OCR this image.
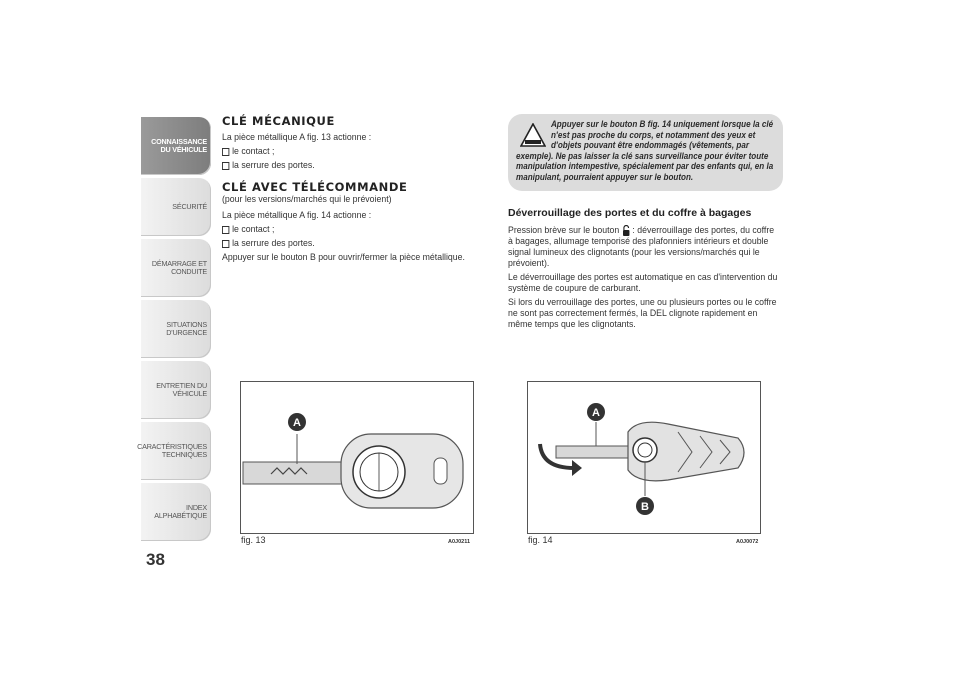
CONNAISSANCE
DU VÉHICULE
SÉCURITÉ
DÉMARRAGE ET
CONDUITE
SITUATIONS
D'URGENCE
ENTRETIEN DU
VÉHICULE
CARACTÉRISTIQUES
TECHNIQUES
INDEX
ALPHABÉTIQUE
38
CLÉ MÉCANIQUE

La pièce métallique A fig. 13 actionne :

le contact ;

la serrure des portes.

CLÉ AVEC TÉLÉCOMMANDE

(pour les versions/marchés qui le prévoient)

La pièce métallique A fig. 14 actionne :

le contact ;

la serrure des portes.

Appuyer sur le bouton B pour ouvrir/fermer la pièce métallique.

Appuyer sur le bouton B fig. 14 uniquement lorsque la clé n'est pas proche du corps, et notamment des yeux et d'objets pouvant être endommagés (vêtements, par exemple). Ne pas laisser la clé sans surveillance pour éviter toute manipulation intempestive, spécialement par des enfants qui, en la manipulant, pourraient appuyer sur le bouton.

Déverrouillage des portes et du coffre à bagages

Pression brève sur le bouton : déverrouillage des portes, du coffre à bagages, allumage temporisé des plafonniers intérieurs et double signal lumineux des clignotants (pour les versions/marchés qui le prévoient).

Le déverrouillage des portes est automatique en cas d'intervention du système de coupure de carburant.

Si lors du verrouillage des portes, une ou plusieurs portes ou le coffre ne sont pas correctement fermés, la DEL clignote rapidement en même temps que les clignotants.

A
fig. 13	A0J0211
A
B
fig. 14	A0J0072
